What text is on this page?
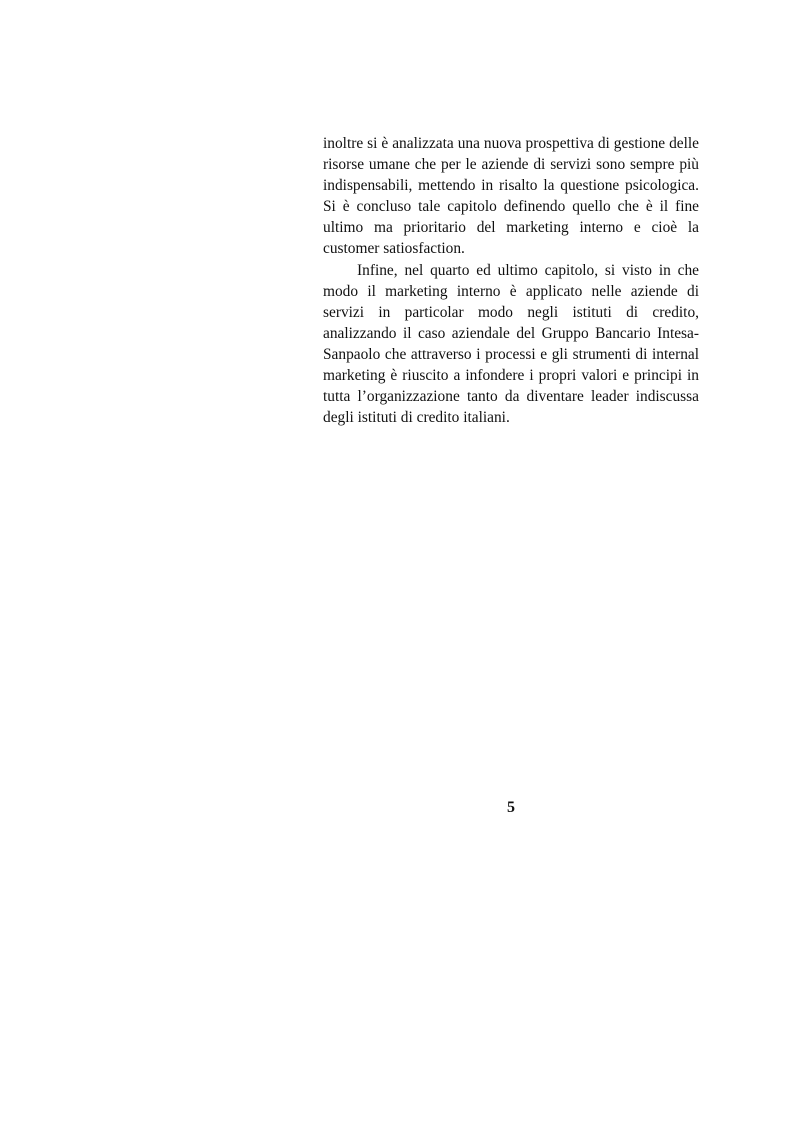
inoltre si è analizzata una nuova prospettiva di gestione delle risorse umane che per le aziende di servizi sono sempre più indispensabili, mettendo in risalto la questione psicologica. Si è concluso tale capitolo definendo quello che è il fine ultimo ma prioritario del marketing interno e cioè la customer satiosfaction.

Infine, nel quarto ed ultimo capitolo, si visto in che modo il marketing interno è applicato nelle aziende di servizi in particolar modo negli istituti di credito, analizzando il caso aziendale del Gruppo Bancario Intesa-Sanpaolo che attraverso i processi e gli strumenti di internal marketing è riuscito a infondere i propri valori e principi in tutta l’organizzazione tanto da diventare leader indiscussa degli istituti di credito italiani.

5
